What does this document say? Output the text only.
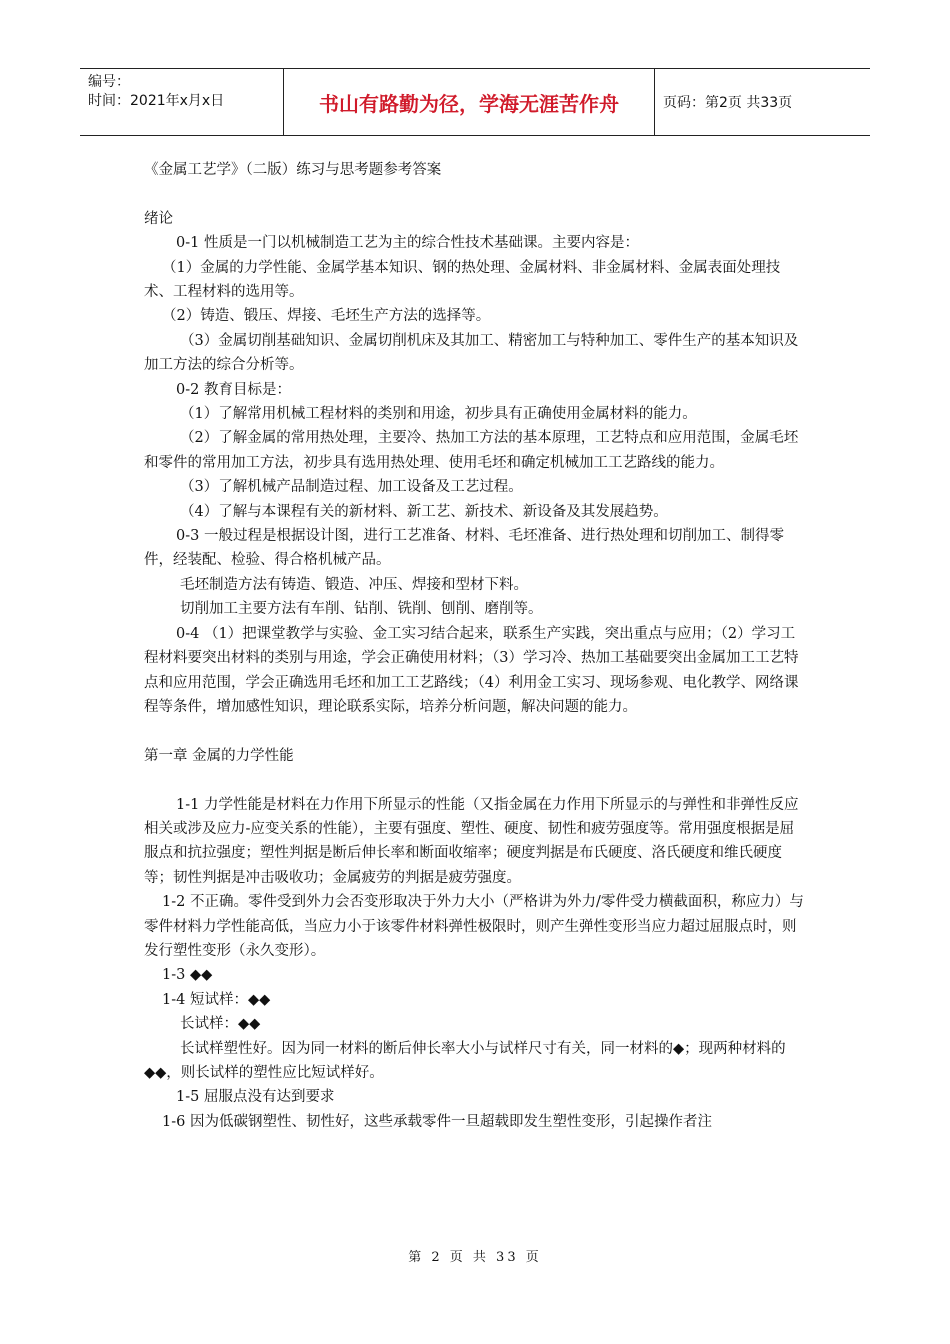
编号：
时间：2021年x月x日	书山有路勤为径，学海无涯苦作舟	页码：第2页 共33页

《金属工艺学》（二版）练习与思考题参考答案

绪论

0-1 性质是一门以机械制造工艺为主的综合性技术基础课。主要内容是：

（1）金属的力学性能、金属学基本知识、钢的热处理、金属材料、非金属材料、金属表面处理技术、工程材料的选用等。

（2）铸造、锻压、焊接、毛坯生产方法的选择等。

（3）金属切削基础知识、金属切削机床及其加工、精密加工与特种加工、零件生产的基本知识及加工方法的综合分析等。

0-2 教育目标是：

（1）了解常用机械工程材料的类别和用途，初步具有正确使用金属材料的能力。

（2）了解金属的常用热处理，主要冷、热加工方法的基本原理，工艺特点和应用范围，金属毛坯和零件的常用加工方法，初步具有选用热处理、使用毛坯和确定机械加工工艺路线的能力。

（3）了解机械产品制造过程、加工设备及工艺过程。

（4）了解与本课程有关的新材料、新工艺、新技术、新设备及其发展趋势。

0-3 一般过程是根据设计图，进行工艺准备、材料、毛坯准备、进行热处理和切削加工、制得零件，经装配、检验、得合格机械产品。

毛坯制造方法有铸造、锻造、冲压、焊接和型材下料。

切削加工主要方法有车削、钻削、铣削、刨削、磨削等。

0-4 （1）把课堂教学与实验、金工实习结合起来，联系生产实践，突出重点与应用；（2）学习工程材料要突出材料的类别与用途，学会正确使用材料；（3）学习冷、热加工基础要突出金属加工工艺特点和应用范围，学会正确选用毛坯和加工工艺路线；（4）利用金工实习、现场参观、电化教学、网络课程等条件，增加感性知识，理论联系实际，培养分析问题，解决问题的能力。

第一章 金属的力学性能

1-1 力学性能是材料在力作用下所显示的性能（又指金属在力作用下所显示的与弹性和非弹性反应相关或涉及应力-应变关系的性能），主要有强度、塑性、硬度、韧性和疲劳强度等。常用强度根据是屈服点和抗拉强度；塑性判据是断后伸长率和断面收缩率；硬度判据是布氏硬度、洛氏硬度和维氏硬度等；韧性判据是冲击吸收功；金属疲劳的判据是疲劳强度。

1-2 不正确。零件受到外力会否变形取决于外力大小（严格讲为外力/零件受力横截面积，称应力）与零件材料力学性能高低，当应力小于该零件材料弹性极限时，则产生弹性变形当应力超过屈服点时，则发行塑性变形（永久变形）。

1-3 ◆◆

1-4 短试样：◆◆

长试样：◆◆

长试样塑性好。因为同一材料的断后伸长率大小与试样尺寸有关，同一材料的◆；现两种材料的◆◆，则长试样的塑性应比短试样好。

1-5 屈服点没有达到要求

1-6 因为低碳钢塑性、韧性好，这些承载零件一旦超载即发生塑性变形，引起操作者注

第 2 页 共 33 页
